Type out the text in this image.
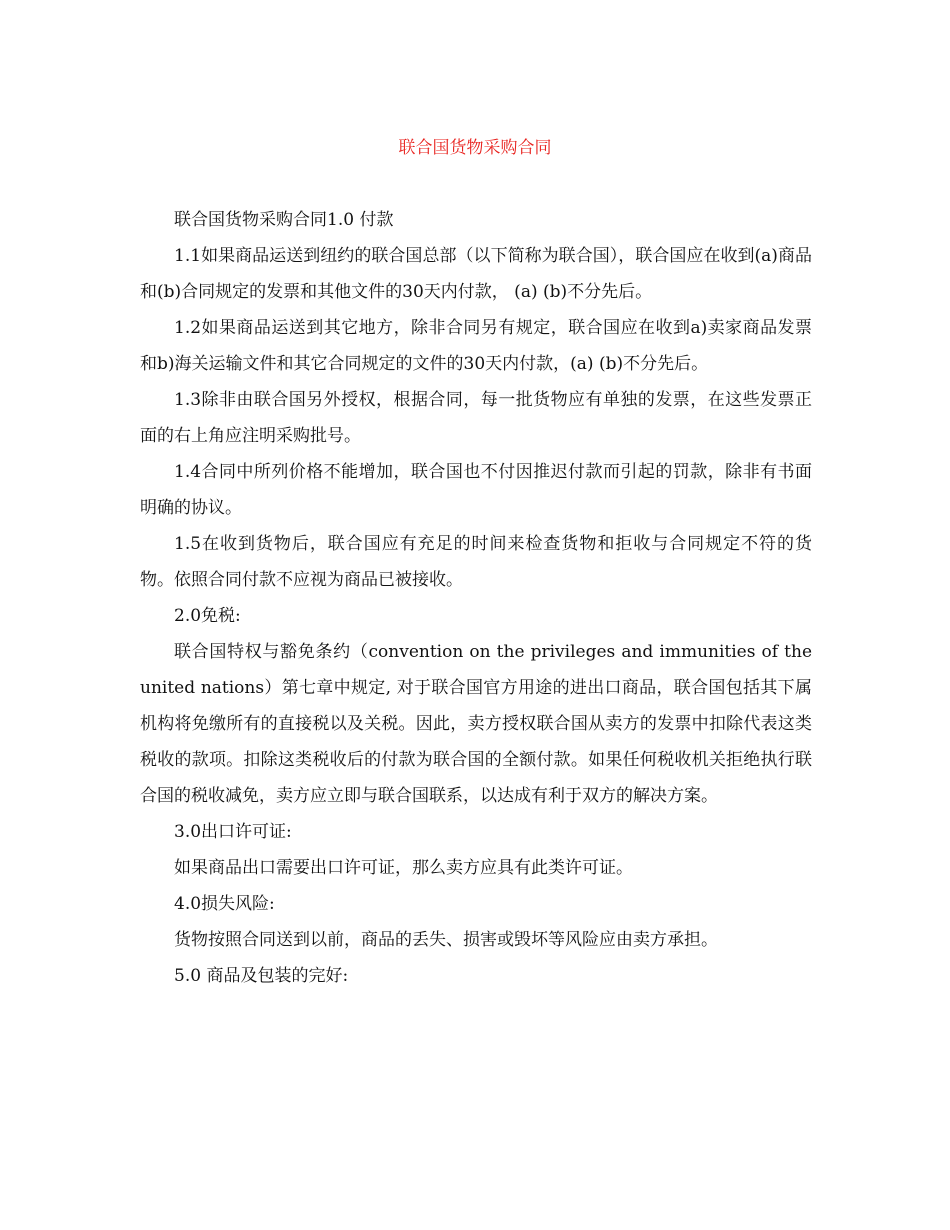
联合国货物采购合同

联合国货物采购合同1.0 付款

1.1如果商品运送到纽约的联合国总部（以下简称为联合国），联合国应在收到(a)商品和(b)合同规定的发票和其他文件的30天内付款， (a) (b)不分先后。

1.2如果商品运送到其它地方，除非合同另有规定，联合国应在收到a)卖家商品发票和b)海关运输文件和其它合同规定的文件的30天内付款，(a) (b)不分先后。

1.3除非由联合国另外授权，根据合同，每一批货物应有单独的发票，在这些发票正面的右上角应注明采购批号。

1.4合同中所列价格不能增加，联合国也不付因推迟付款而引起的罚款，除非有书面明确的协议。

1.5在收到货物后，联合国应有充足的时间来检查货物和拒收与合同规定不符的货物。依照合同付款不应视为商品已被接收。

2.0免税:

联合国特权与豁免条约（convention on the privileges and immunities of the united nations）第七章中规定, 对于联合国官方用途的进出口商品，联合国包括其下属机构将免缴所有的直接税以及关税。因此，卖方授权联合国从卖方的发票中扣除代表这类税收的款项。扣除这类税收后的付款为联合国的全额付款。如果任何税收机关拒绝执行联合国的税收减免，卖方应立即与联合国联系，以达成有利于双方的解决方案。

3.0出口许可证:

如果商品出口需要出口许可证，那么卖方应具有此类许可证。

4.0损失风险:

货物按照合同送到以前，商品的丢失、损害或毁坏等风险应由卖方承担。

5.0 商品及包装的完好:
